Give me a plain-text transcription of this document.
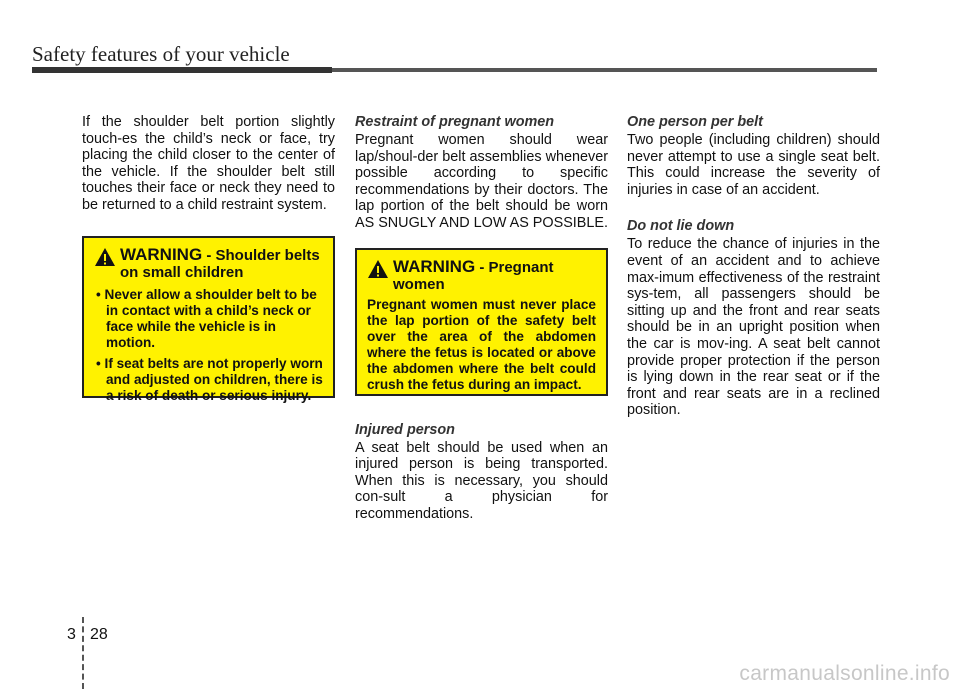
Safety features of your vehicle

If the shoulder belt portion slightly touch-es the child’s neck or face, try placing the child closer to the center of the vehicle. If the shoulder belt still touches their face or neck they need to be returned to a child restraint system.

WARNING - Shoulder belts on small children
• Never allow a shoulder belt to be in contact with a child’s neck or face while the vehicle is in motion.
• If seat belts are not properly worn and adjusted on children, there is a risk of death or serious injury.
Restraint of pregnant women

Pregnant women should wear lap/shoul-der belt assemblies whenever possible according to specific recommendations by their doctors. The lap portion of the belt should be worn AS SNUGLY AND LOW AS POSSIBLE.

WARNING - Pregnant women

Pregnant women must never place the lap portion of the safety belt over the area of the abdomen where the fetus is located or above the abdomen where the belt could crush the fetus during an impact.

Injured person

A seat belt should be used when an injured person is being transported. When this is necessary, you should con-sult a physician for recommendations.

One person per belt

Two people (including children) should never attempt to use a single seat belt. This could increase the severity of injuries in case of an accident.

Do not lie down

To reduce the chance of injuries in the event of an accident and to achieve max-imum effectiveness of the restraint sys-tem, all passengers should be sitting up and the front and rear seats should be in an upright position when the car is mov-ing. A seat belt cannot provide proper protection if the person is lying down in the rear seat or if the front and rear seats are in a reclined position.

3 28
carmanualsonline.info
